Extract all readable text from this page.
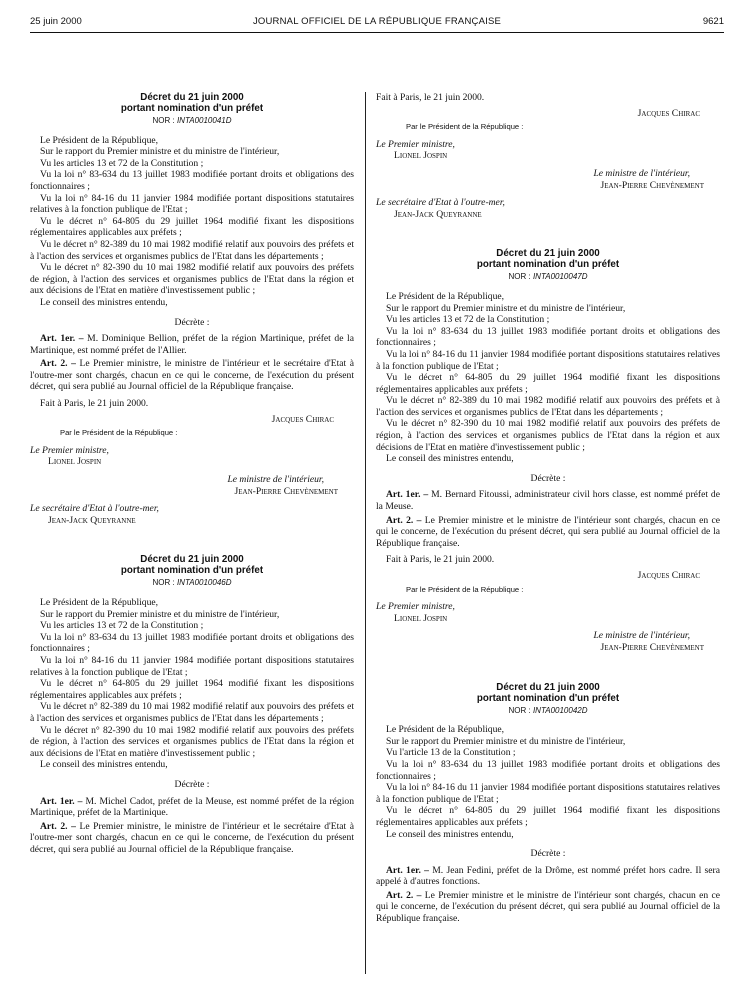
25 juin 2000	JOURNAL OFFICIEL DE LA RÉPUBLIQUE FRANÇAISE	9621
Décret du 21 juin 2000
portant nomination d'un préfet
NOR : INTA0010041D

Le Président de la République,

Sur le rapport du Premier ministre et du ministre de l'intérieur,

Vu les articles 13 et 72 de la Constitution ;

Vu la loi n° 83-634 du 13 juillet 1983 modifiée portant droits et obligations des fonctionnaires ;

Vu la loi n° 84-16 du 11 janvier 1984 modifiée portant dispositions statutaires relatives à la fonction publique de l'Etat ;

Vu le décret n° 64-805 du 29 juillet 1964 modifié fixant les dispositions réglementaires applicables aux préfets ;

Vu le décret n° 82-389 du 10 mai 1982 modifié relatif aux pouvoirs des préfets et à l'action des services et organismes publics de l'Etat dans les départements ;

Vu le décret n° 82-390 du 10 mai 1982 modifié relatif aux pouvoirs des préfets de région, à l'action des services et organismes publics de l'Etat dans la région et aux décisions de l'Etat en matière d'investissement public ;

Le conseil des ministres entendu,

Décrète :

Art. 1er. – M. Dominique Bellion, préfet de la région Martinique, préfet de la Martinique, est nommé préfet de l'Allier.

Art. 2. – Le Premier ministre, le ministre de l'intérieur et le secrétaire d'Etat à l'outre-mer sont chargés, chacun en ce qui le concerne, de l'exécution du présent décret, qui sera publié au Journal officiel de la République française.

Fait à Paris, le 21 juin 2000.

Jacques Chirac
Par le Président de la République :
Le Premier ministre,
Lionel Jospin
Le ministre de l'intérieur,
Jean-Pierre Chevènement
Le secrétaire d'Etat à l'outre-mer,
Jean-Jack Queyranne
Décret du 21 juin 2000
portant nomination d'un préfet
NOR : INTA0010046D

Le Président de la République,

Sur le rapport du Premier ministre et du ministre de l'intérieur,

Vu les articles 13 et 72 de la Constitution ;

Vu la loi n° 83-634 du 13 juillet 1983 modifiée portant droits et obligations des fonctionnaires ;

Vu la loi n° 84-16 du 11 janvier 1984 modifiée portant dispositions statutaires relatives à la fonction publique de l'Etat ;

Vu le décret n° 64-805 du 29 juillet 1964 modifié fixant les dispositions réglementaires applicables aux préfets ;

Vu le décret n° 82-389 du 10 mai 1982 modifié relatif aux pouvoirs des préfets et à l'action des services et organismes publics de l'Etat dans les départements ;

Vu le décret n° 82-390 du 10 mai 1982 modifié relatif aux pouvoirs des préfets de région, à l'action des services et organismes publics de l'Etat dans la région et aux décisions de l'Etat en matière d'investissement public ;

Le conseil des ministres entendu,

Décrète :

Art. 1er. – M. Michel Cadot, préfet de la Meuse, est nommé préfet de la région Martinique, préfet de la Martinique.

Art. 2. – Le Premier ministre, le ministre de l'intérieur et le secrétaire d'Etat à l'outre-mer sont chargés, chacun en ce qui le concerne, de l'exécution du présent décret, qui sera publié au Journal officiel de la République française.

Fait à Paris, le 21 juin 2000.

Jacques Chirac
Par le Président de la République :
Le Premier ministre,
Lionel Jospin
Le ministre de l'intérieur,
Jean-Pierre Chevènement
Le secrétaire d'Etat à l'outre-mer,
Jean-Jack Queyranne
Décret du 21 juin 2000
portant nomination d'un préfet
NOR : INTA0010047D

Le Président de la République,

Sur le rapport du Premier ministre et du ministre de l'intérieur,

Vu les articles 13 et 72 de la Constitution ;

Vu la loi n° 83-634 du 13 juillet 1983 modifiée portant droits et obligations des fonctionnaires ;

Vu la loi n° 84-16 du 11 janvier 1984 modifiée portant dispositions statutaires relatives à la fonction publique de l'Etat ;

Vu le décret n° 64-805 du 29 juillet 1964 modifié fixant les dispositions réglementaires applicables aux préfets ;

Vu le décret n° 82-389 du 10 mai 1982 modifié relatif aux pouvoirs des préfets et à l'action des services et organismes publics de l'Etat dans les départements ;

Vu le décret n° 82-390 du 10 mai 1982 modifié relatif aux pouvoirs des préfets de région, à l'action des services et organismes publics de l'Etat dans la région et aux décisions de l'Etat en matière d'investissement public ;

Le conseil des ministres entendu,

Décrète :

Art. 1er. – M. Bernard Fitoussi, administrateur civil hors classe, est nommé préfet de la Meuse.

Art. 2. – Le Premier ministre et le ministre de l'intérieur sont chargés, chacun en ce qui le concerne, de l'exécution du présent décret, qui sera publié au Journal officiel de la République française.

Fait à Paris, le 21 juin 2000.

Jacques Chirac
Par le Président de la République :
Le Premier ministre,
Lionel Jospin
Le ministre de l'intérieur,
Jean-Pierre Chevènement
Décret du 21 juin 2000
portant nomination d'un préfet
NOR : INTA0010042D

Le Président de la République,

Sur le rapport du Premier ministre et du ministre de l'intérieur,

Vu l'article 13 de la Constitution ;

Vu la loi n° 83-634 du 13 juillet 1983 modifiée portant droits et obligations des fonctionnaires ;

Vu la loi n° 84-16 du 11 janvier 1984 modifiée portant dispositions statutaires relatives à la fonction publique de l'Etat ;

Vu le décret n° 64-805 du 29 juillet 1964 modifié fixant les dispositions réglementaires applicables aux préfets ;

Le conseil des ministres entendu,

Décrète :

Art. 1er. – M. Jean Fedini, préfet de la Drôme, est nommé préfet hors cadre. Il sera appelé à d'autres fonctions.

Art. 2. – Le Premier ministre et le ministre de l'intérieur sont chargés, chacun en ce qui le concerne, de l'exécution du présent décret, qui sera publié au Journal officiel de la République française.
